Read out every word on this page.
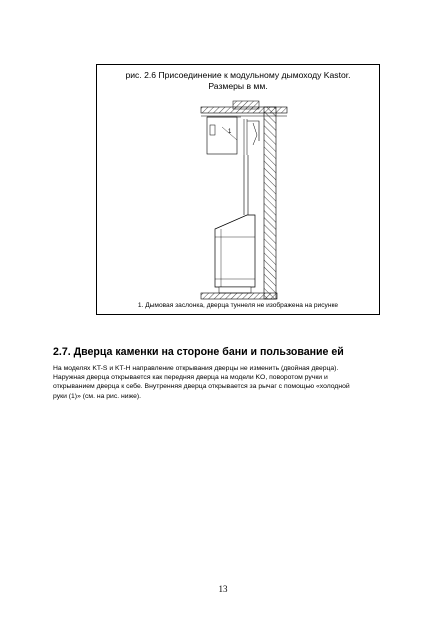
рис. 2.6 Присоединение к модульному дымоходу Kastor.
Размеры в мм.
1
1. Дымовая заслонка, дверца туннеля не изображена на рисунке
2.7. Дверца каменки на стороне бани и пользование ей
На моделях KT-S и KT-H направление открывания дверцы не изменить (двойная дверца).
Наружная дверца открывается как передняя дверца на модели KO, поворотом ручки и
открыванием дверца к себе. Внутренняя дверца открывается за рычаг с помощью «холодной
руки (1)» (см. на рис. ниже).
13
